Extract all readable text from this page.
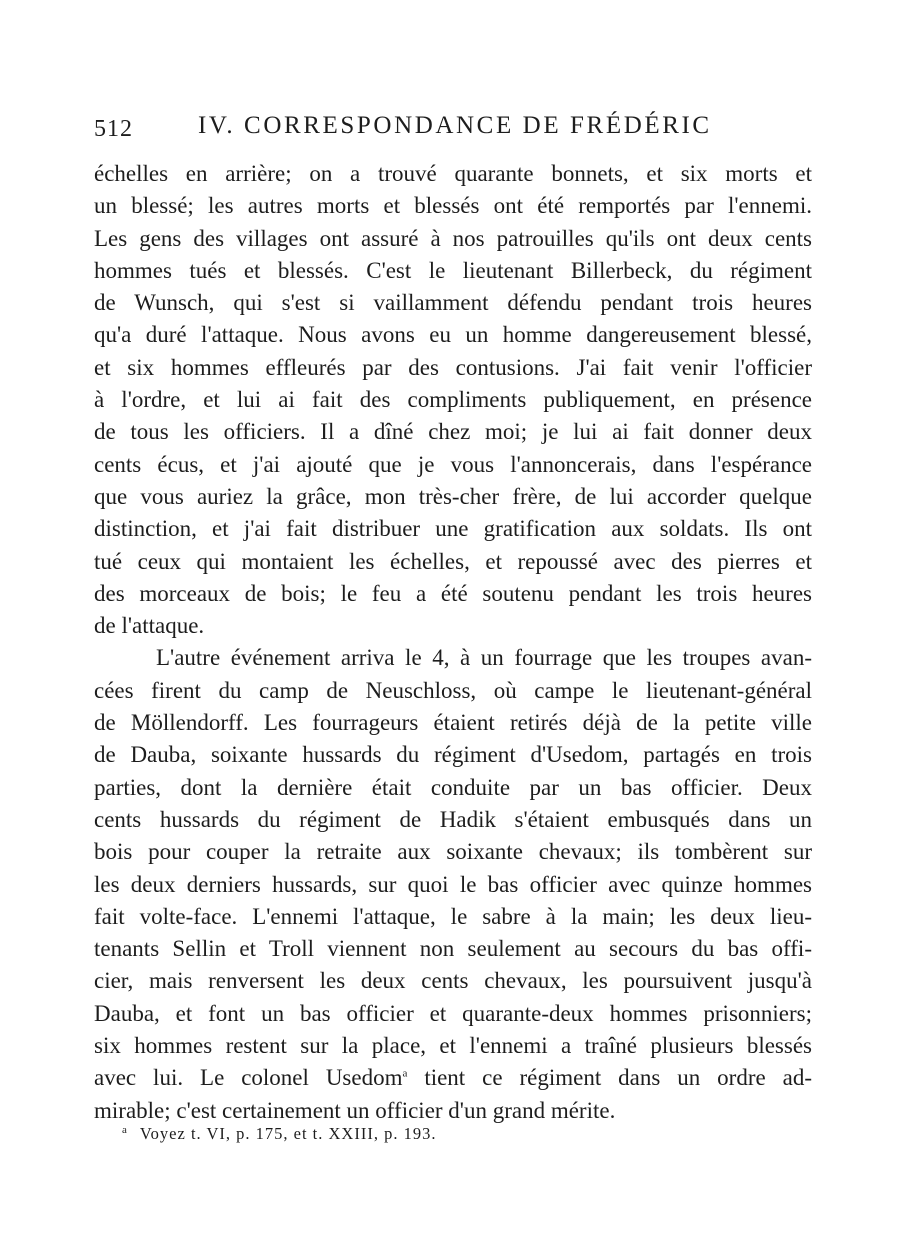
512	IV. CORRESPONDANCE DE FRÉDÉRIC
échelles en arrière; on a trouvé quarante bonnets, et six morts et
un blessé; les autres morts et blessés ont été remportés par l'ennemi.
Les gens des villages ont assuré à nos patrouilles qu'ils ont deux cents
hommes tués et blessés. C'est le lieutenant Billerbeck, du régiment
de Wunsch, qui s'est si vaillamment défendu pendant trois heures
qu'a duré l'attaque. Nous avons eu un homme dangereusement blessé,
et six hommes effleurés par des contusions. J'ai fait venir l'officier
à l'ordre, et lui ai fait des compliments publiquement, en présence
de tous les officiers. Il a dîné chez moi; je lui ai fait donner deux
cents écus, et j'ai ajouté que je vous l'annoncerais, dans l'espérance
que vous auriez la grâce, mon très-cher frère, de lui accorder quelque
distinction, et j'ai fait distribuer une gratification aux soldats. Ils ont
tué ceux qui montaient les échelles, et repoussé avec des pierres et
des morceaux de bois; le feu a été soutenu pendant les trois heures
de l'attaque.
L'autre événement arriva le 4, à un fourrage que les troupes avan-
cées firent du camp de Neuschloss, où campe le lieutenant-général
de Möllendorff. Les fourrageurs étaient retirés déjà de la petite ville
de Dauba, soixante hussards du régiment d'Usedom, partagés en trois
parties, dont la dernière était conduite par un bas officier. Deux
cents hussards du régiment de Hadik s'étaient embusqués dans un
bois pour couper la retraite aux soixante chevaux; ils tombèrent sur
les deux derniers hussards, sur quoi le bas officier avec quinze hommes
fait volte-face. L'ennemi l'attaque, le sabre à la main; les deux lieu-
tenants Sellin et Troll viennent non seulement au secours du bas offi-
cier, mais renversent les deux cents chevaux, les poursuivent jusqu'à
Dauba, et font un bas officier et quarante-deux hommes prisonniers;
six hommes restent sur la place, et l'ennemi a traîné plusieurs blessés
avec lui. Le colonel Usedom$^a$ tient ce régiment dans un ordre ad-
mirable; c'est certainement un officier d'un grand mérite.
$^a$ Voyez t. VI, p. 175, et t. XXIII, p. 193.
